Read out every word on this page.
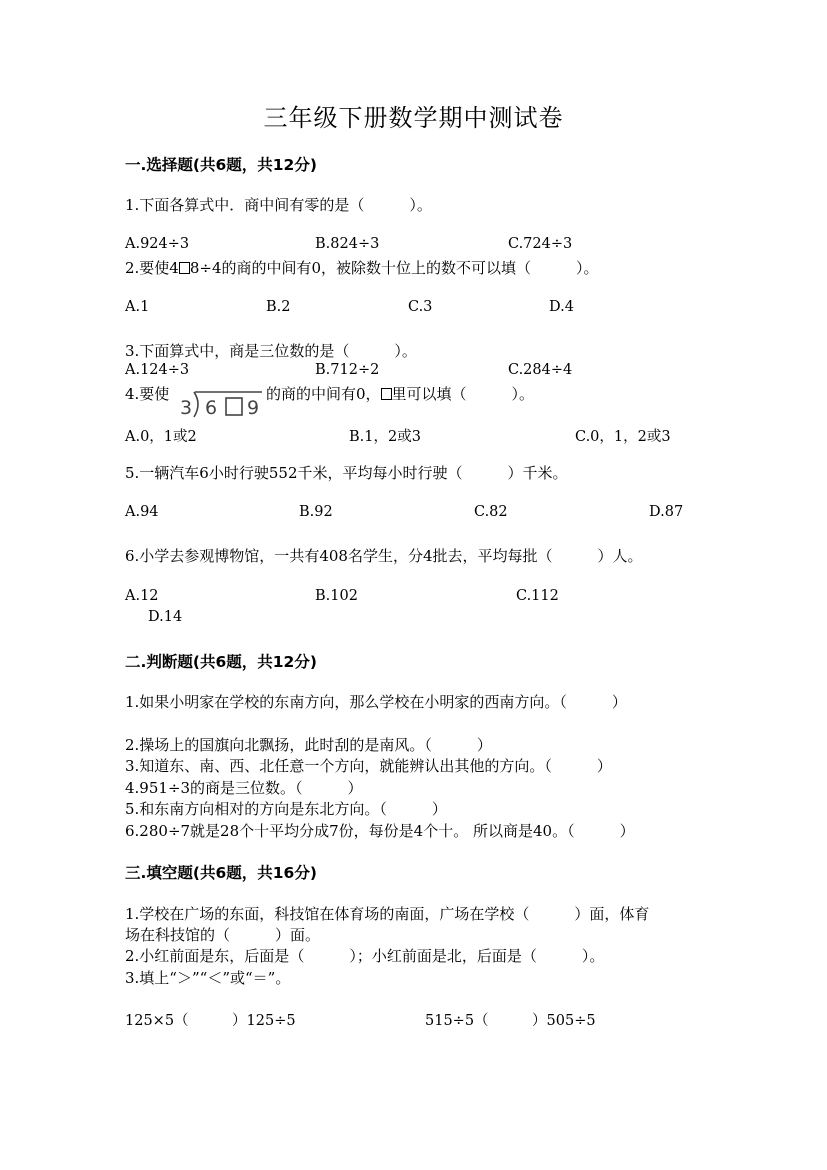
三年级下册数学期中测试卷
一.选择题(共6题，共12分)
1.下面各算式中．商中间有零的是（　　　）。
A.924÷3	B.824÷3	C.724÷3
2.要使4 8÷4的商的中间有0，被除数十位上的数不可以填（　　　）。
A.1	B.2	C.3	D.4
3.下面算式中，商是三位数的是（　　　）。
A.124÷3	B.712÷2	C.284÷4
4.要使
3 6 9
的商的中间有0， 里可以填（　　　）。
A.0，1或2	B.1，2或3	C.0，1，2或3
5.一辆汽车6小时行驶552千米，平均每小时行驶（　　　）千米。
A.94	B.92	C.82	D.87
6.小学去参观博物馆，一共有408名学生，分4批去，平均每批（　　　）人。
A.12	B.102	C.112
D.14
二.判断题(共6题，共12分)
1.如果小明家在学校的东南方向，那么学校在小明家的西南方向。（　　　）
2.操场上的国旗向北飘扬，此时刮的是南风。（　　　）
3.知道东、南、西、北任意一个方向，就能辨认出其他的方向。（　　　）
4.951÷3的商是三位数。（　　　）
5.和东南方向相对的方向是东北方向。（　　　）
6.280÷7就是28个十平均分成7份，每份是4个十。 所以商是40。（　　　）
三.填空题(共6题，共16分)
1.学校在广场的东面，科技馆在体育场的南面，广场在学校（　　　）面，体育
场在科技馆的（　　　）面。
2.小红前面是东，后面是（　　　）；小红前面是北，后面是（　　　）。
3.填上“＞”“＜”或“＝”。
125×5（　　　）125÷5	515÷5（　　　）505÷5
